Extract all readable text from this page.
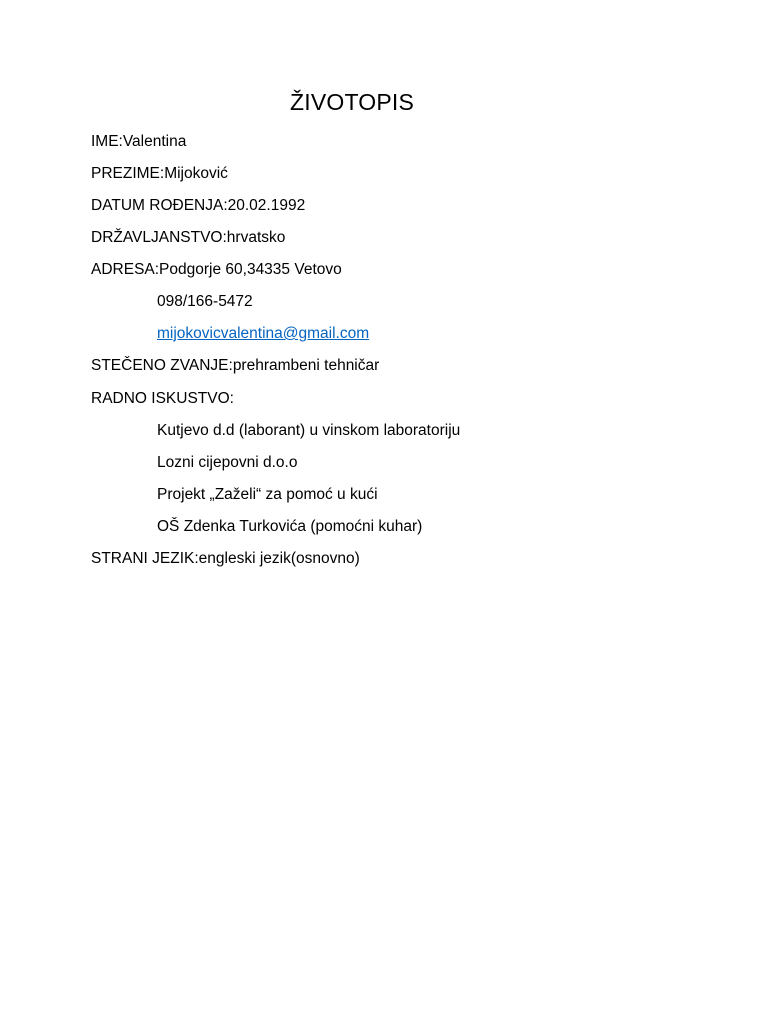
ŽIVOTOPIS
IME:Valentina
PREZIME:Mijoković
DATUM ROĐENJA:20.02.1992
DRŽAVLJANSTVO:hrvatsko
ADRESA:Podgorje 60,34335 Vetovo
098/166-5472
mijokovicvalentina@gmail.com
STEČENO ZVANJE:prehrambeni tehničar
RADNO ISKUSTVO:
Kutjevo d.d (laborant) u vinskom laboratoriju
Lozni cijepovni d.o.o
Projekt „Zaželi“ za pomoć u kući
OŠ Zdenka Turkovića (pomoćni kuhar)
STRANI JEZIK:engleski jezik(osnovno)
